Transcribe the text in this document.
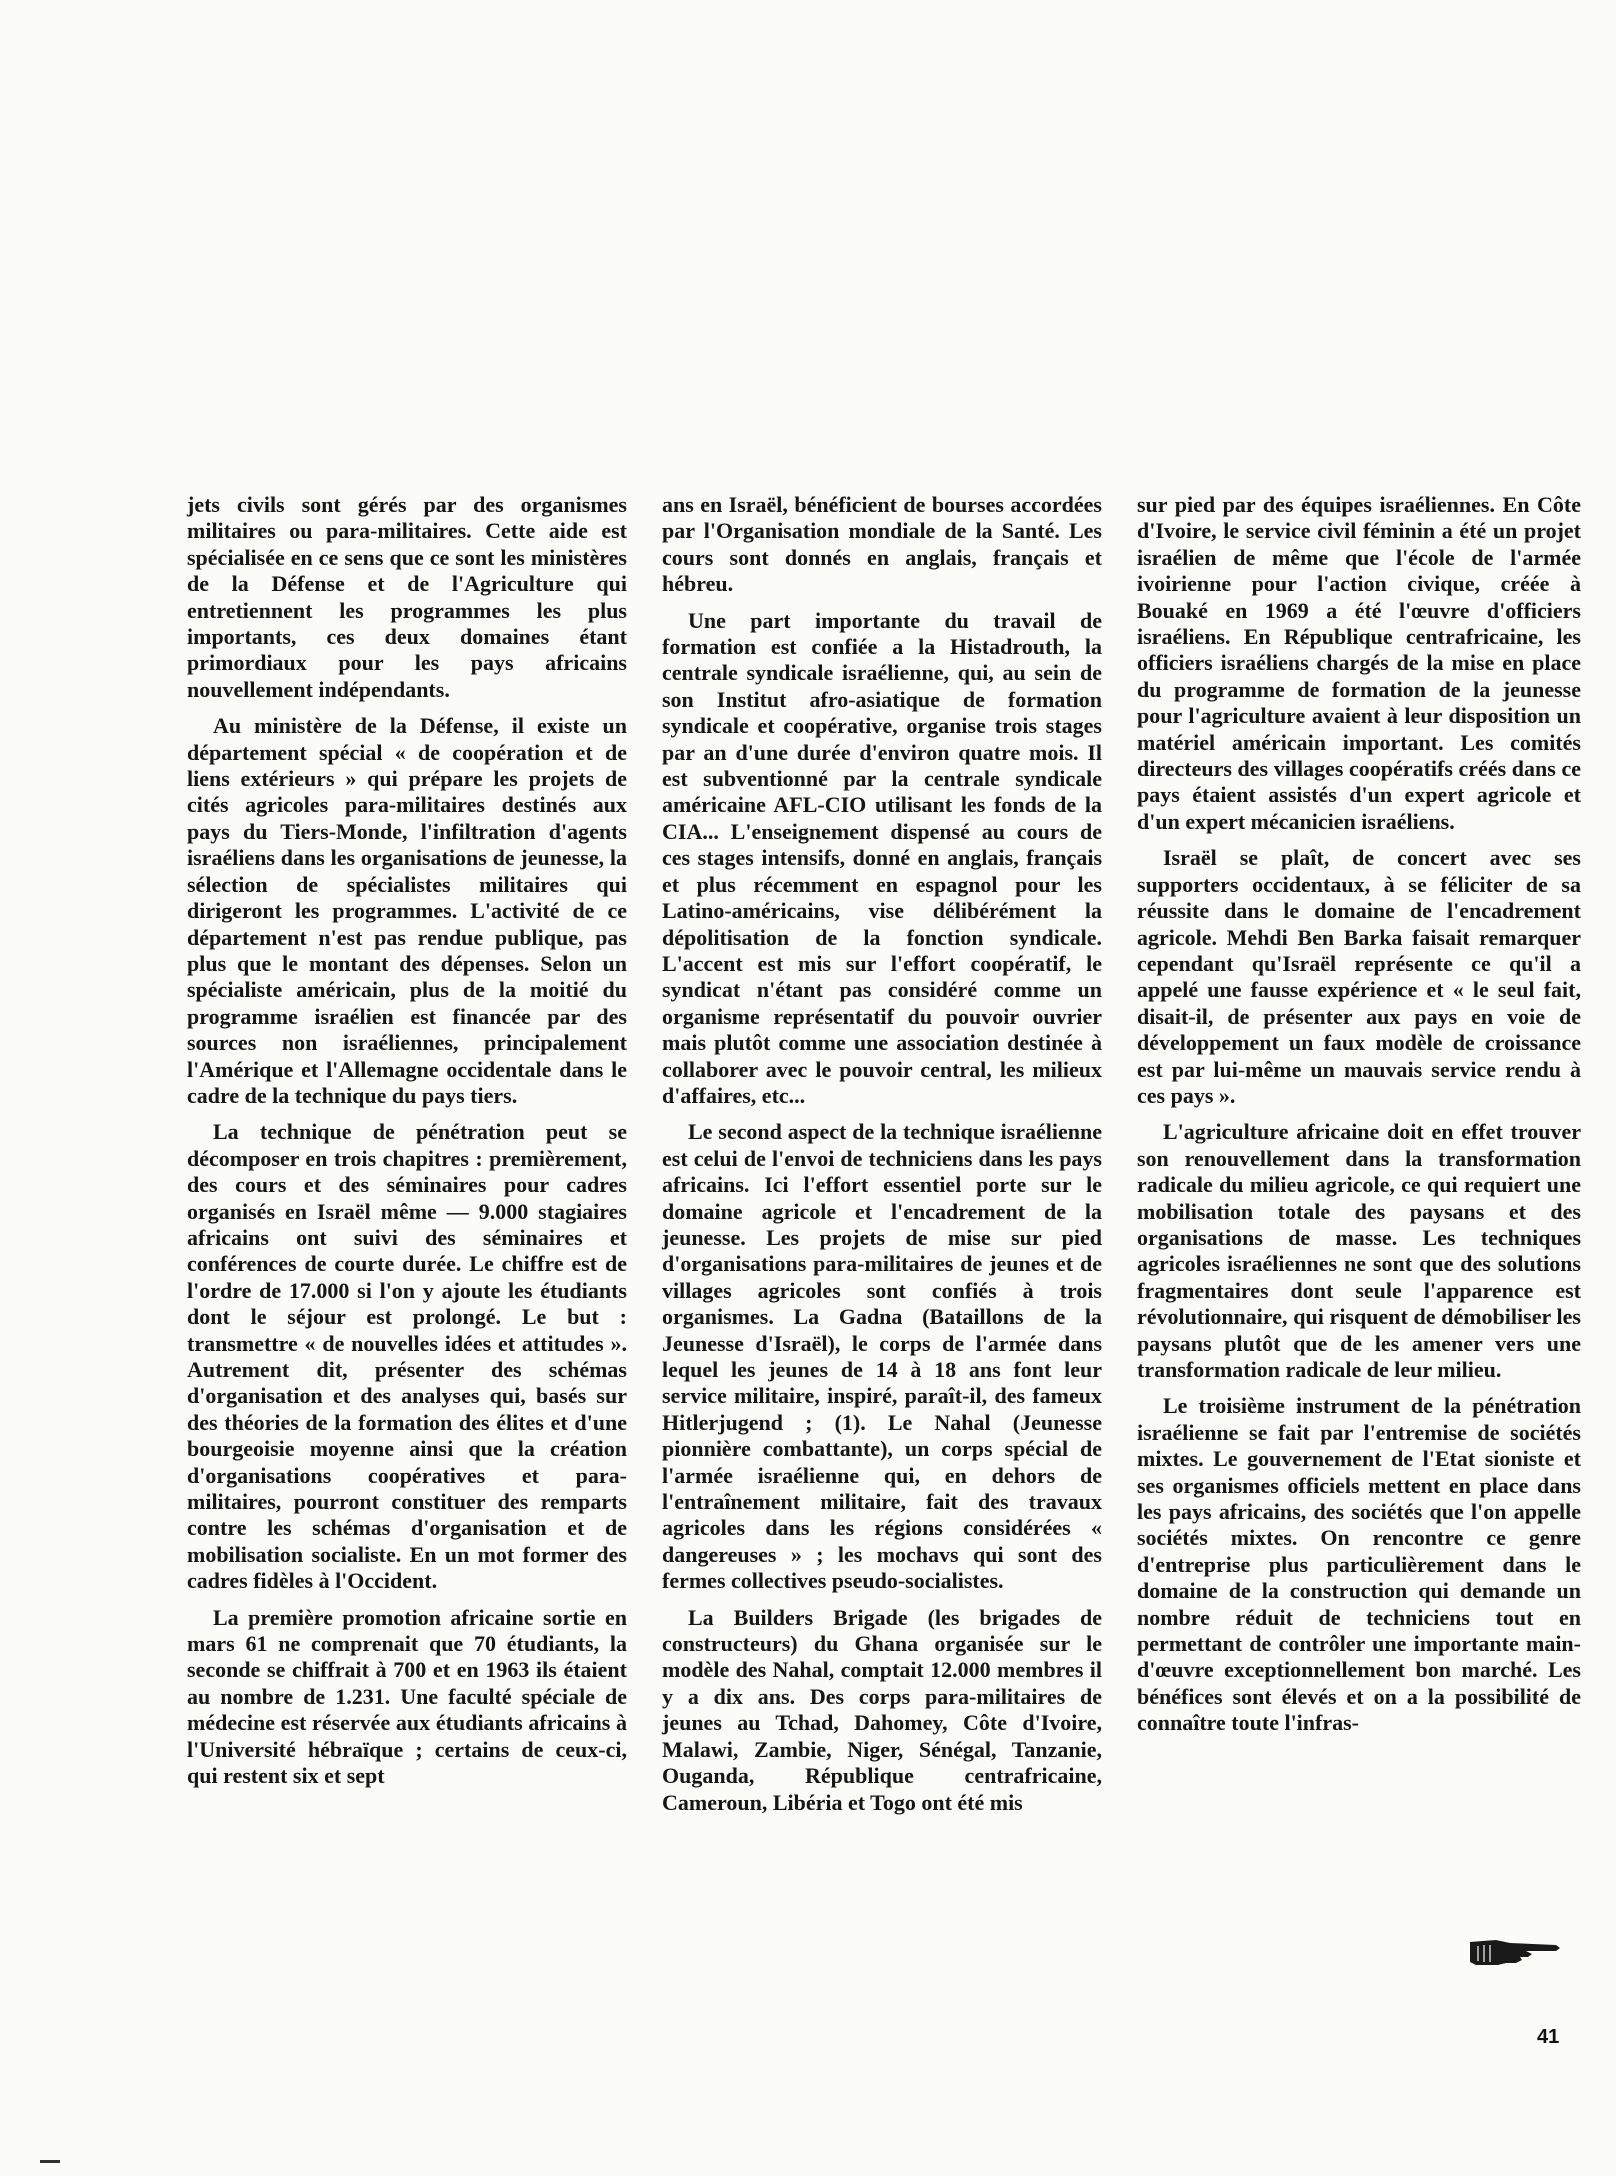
jets civils sont gérés par des organismes militaires ou para-militaires. Cette aide est spécialisée en ce sens que ce sont les ministères de la Défense et de l'Agriculture qui entretiennent les programmes les plus importants, ces deux domaines étant primordiaux pour les pays africains nouvellement indépendants.

Au ministère de la Défense, il existe un département spécial « de coopération et de liens extérieurs » qui prépare les projets de cités agricoles para-militaires destinés aux pays du Tiers-Monde, l'infiltration d'agents israéliens dans les organisations de jeunesse, la sélection de spécialistes militaires qui dirigeront les programmes. L'activité de ce département n'est pas rendue publique, pas plus que le montant des dépenses. Selon un spécialiste américain, plus de la moitié du programme israélien est financée par des sources non israéliennes, principalement l'Amérique et l'Allemagne occidentale dans le cadre de la technique du pays tiers.

La technique de pénétration peut se décomposer en trois chapitres : premièrement, des cours et des séminaires pour cadres organisés en Israël même — 9.000 stagiaires africains ont suivi des séminaires et conférences de courte durée. Le chiffre est de l'ordre de 17.000 si l'on y ajoute les étudiants dont le séjour est prolongé. Le but : transmettre « de nouvelles idées et attitudes ». Autrement dit, présenter des schémas d'organisation et des analyses qui, basés sur des théories de la formation des élites et d'une bourgeoisie moyenne ainsi que la création d'organisations coopératives et para-militaires, pourront constituer des remparts contre les schémas d'organisation et de mobilisation socialiste. En un mot former des cadres fidèles à l'Occident.

La première promotion africaine sortie en mars 61 ne comprenait que 70 étudiants, la seconde se chiffrait à 700 et en 1963 ils étaient au nombre de 1.231. Une faculté spéciale de médecine est réservée aux étudiants africains à l'Université hébraïque ; certains de ceux-ci, qui restent six et sept

ans en Israël, bénéficient de bourses accordées par l'Organisation mondiale de la Santé. Les cours sont donnés en anglais, français et hébreu.

Une part importante du travail de formation est confiée a la Histadrouth, la centrale syndicale israélienne, qui, au sein de son Institut afro-asiatique de formation syndicale et coopérative, organise trois stages par an d'une durée d'environ quatre mois. Il est subventionné par la centrale syndicale américaine AFL-CIO utilisant les fonds de la CIA... L'enseignement dispensé au cours de ces stages intensifs, donné en anglais, français et plus récemment en espagnol pour les Latino-américains, vise délibérément la dépolitisation de la fonction syndicale. L'accent est mis sur l'effort coopératif, le syndicat n'étant pas considéré comme un organisme représentatif du pouvoir ouvrier mais plutôt comme une association destinée à collaborer avec le pouvoir central, les milieux d'affaires, etc...

Le second aspect de la technique israélienne est celui de l'envoi de techniciens dans les pays africains. Ici l'effort essentiel porte sur le domaine agricole et l'encadrement de la jeunesse. Les projets de mise sur pied d'organisations para-militaires de jeunes et de villages agricoles sont confiés à trois organismes. La Gadna (Bataillons de la Jeunesse d'Israël), le corps de l'armée dans lequel les jeunes de 14 à 18 ans font leur service militaire, inspiré, paraît-il, des fameux Hitlerjugend ; (1). Le Nahal (Jeunesse pionnière combattante), un corps spécial de l'armée israélienne qui, en dehors de l'entraînement militaire, fait des travaux agricoles dans les régions considérées « dangereuses » ; les mochavs qui sont des fermes collectives pseudo-socialistes.

La Builders Brigade (les brigades de constructeurs) du Ghana organisée sur le modèle des Nahal, comptait 12.000 membres il y a dix ans. Des corps para-militaires de jeunes au Tchad, Dahomey, Côte d'Ivoire, Malawi, Zambie, Niger, Sénégal, Tanzanie, Ouganda, République centrafricaine, Cameroun, Libéria et Togo ont été mis

sur pied par des équipes israéliennes. En Côte d'Ivoire, le service civil féminin a été un projet israélien de même que l'école de l'armée ivoirienne pour l'action civique, créée à Bouaké en 1969 a été l'œuvre d'officiers israéliens. En République centrafricaine, les officiers israéliens chargés de la mise en place du programme de formation de la jeunesse pour l'agriculture avaient à leur disposition un matériel américain important. Les comités directeurs des villages coopératifs créés dans ce pays étaient assistés d'un expert agricole et d'un expert mécanicien israéliens.

Israël se plaît, de concert avec ses supporters occidentaux, à se féliciter de sa réussite dans le domaine de l'encadrement agricole. Mehdi Ben Barka faisait remarquer cependant qu'Israël représente ce qu'il a appelé une fausse expérience et « le seul fait, disait-il, de présenter aux pays en voie de développement un faux modèle de croissance est par lui-même un mauvais service rendu à ces pays ».

L'agriculture africaine doit en effet trouver son renouvellement dans la transformation radicale du milieu agricole, ce qui requiert une mobilisation totale des paysans et des organisations de masse. Les techniques agricoles israéliennes ne sont que des solutions fragmentaires dont seule l'apparence est révolutionnaire, qui risquent de démobiliser les paysans plutôt que de les amener vers une transformation radicale de leur milieu.

Le troisième instrument de la pénétration israélienne se fait par l'entremise de sociétés mixtes. Le gouvernement de l'Etat sioniste et ses organismes officiels mettent en place dans les pays africains, des sociétés que l'on appelle sociétés mixtes. On rencontre ce genre d'entreprise plus particulièrement dans le domaine de la construction qui demande un nombre réduit de techniciens tout en permettant de contrôler une importante main-d'œuvre exceptionnellement bon marché. Les bénéfices sont élevés et on a la possibilité de connaître toute l'infras-

41
